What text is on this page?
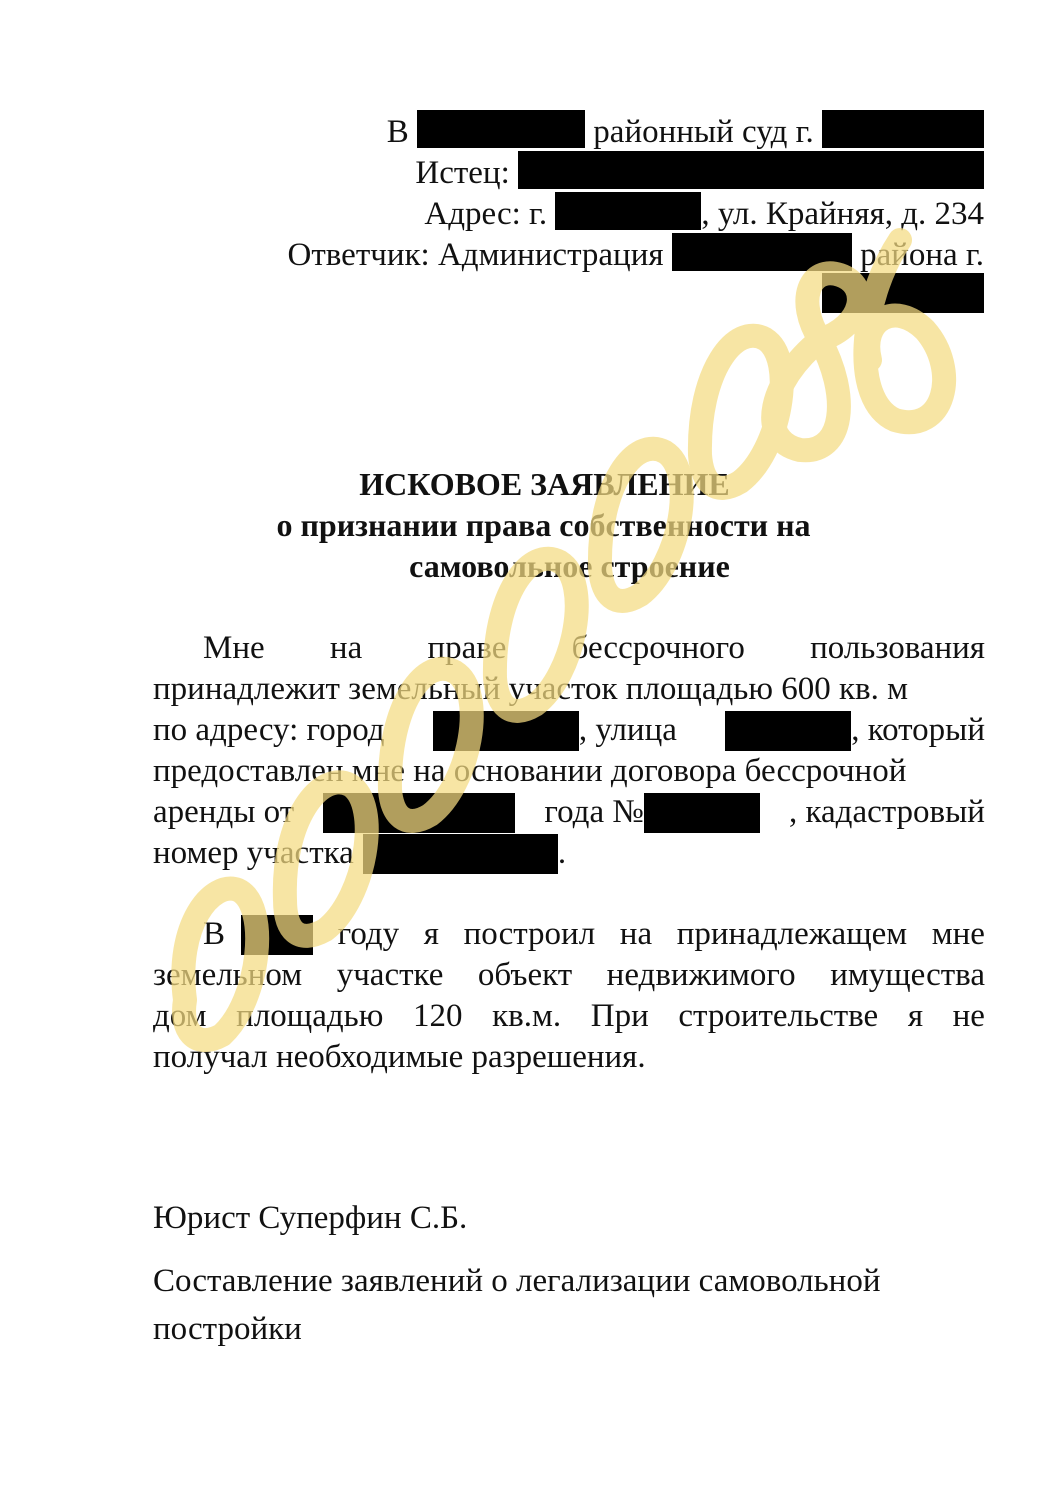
В	районный суд г.
Истец:
Адрес: г.	, ул. Крайняя, д. 234
Ответчик: Администрация	района г.
ИСКОВОЕ ЗАЯВЛЕНИЕ
о признании права собственности на
самовольное строение
Мне на праве бессрочного пользования
принадлежит земельный участок площадью 600 кв. м
по адресу: город	, улица	, который
предоставлен мне на основании договора бессрочной
аренды от	года №	, кадастровый
номер участка	.
В	году я построил на принадлежащем мне
земельном участке объект недвижимого имущества
дом площадью 120 кв.м. При строительстве я не
получал необходимые разрешения.
Юрист Суперфин С.Б.
Составление заявлений о легализации самовольной
постройки
